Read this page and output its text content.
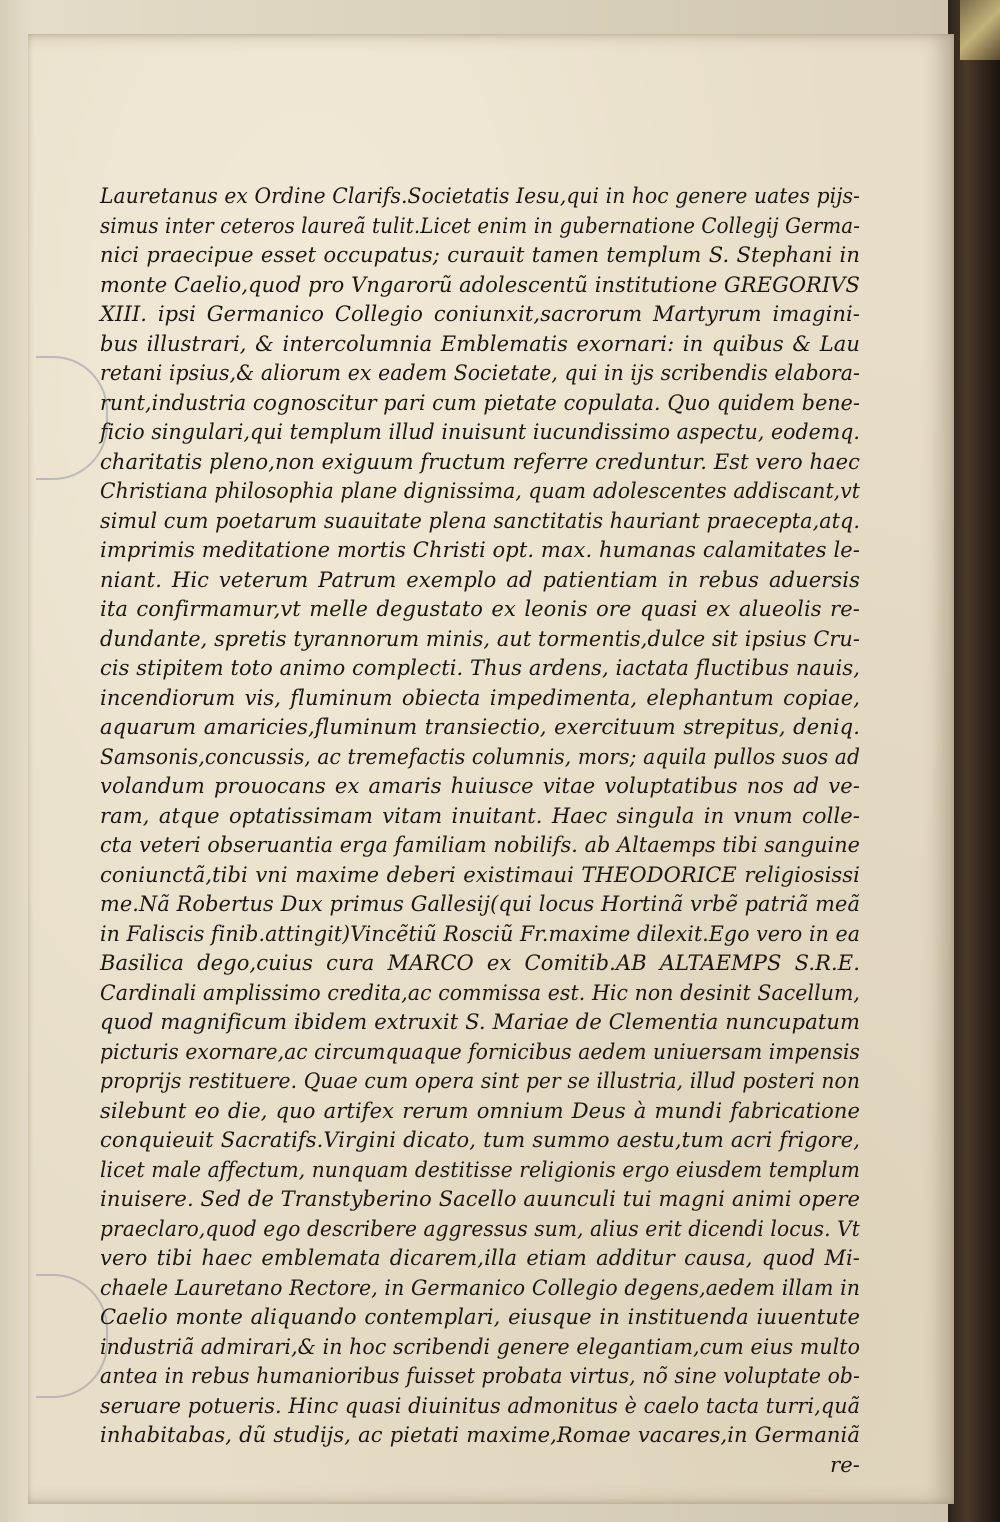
Lauretanus ex Ordine Clarifs.Societatis Iesu,qui in hoc genere uates pijs-
simus inter ceteros laureã tulit.Licet enim in gubernatione Collegij Germa-
nici praecipue esset occupatus; curauit tamen templum S. Stephani in
monte Caelio,quod pro Vngarorũ adolescentũ institutione GREGORIVS
XIII. ipsi Germanico Collegio coniunxit,sacrorum Martyrum imagini-
bus illustrari, & intercolumnia Emblematis exornari: in quibus & Lau
retani ipsius,& aliorum ex eadem Societate, qui in ijs scribendis elabora-
runt,industria cognoscitur pari cum pietate copulata. Quo quidem bene-
ficio singulari,qui templum illud inuisunt iucundissimo aspectu, eodemq.
charitatis pleno,non exiguum fructum referre creduntur. Est vero haec
Christiana philosophia plane dignissima, quam adolescentes addiscant,vt
simul cum poetarum suauitate plena sanctitatis hauriant praecepta,atq.
imprimis meditatione mortis Christi opt. max. humanas calamitates le-
niant. Hic veterum Patrum exemplo ad patientiam in rebus aduersis
ita confirmamur,vt melle degustato ex leonis ore quasi ex alueolis re-
dundante, spretis tyrannorum minis, aut tormentis,dulce sit ipsius Cru-
cis stipitem toto animo complecti. Thus ardens, iactata fluctibus nauis,
incendiorum vis, fluminum obiecta impedimenta, elephantum copiae,
aquarum amaricies,fluminum transiectio, exercituum strepitus, deniq.
Samsonis,concussis, ac tremefactis columnis, mors; aquila pullos suos ad
volandum prouocans ex amaris huiusce vitae voluptatibus nos ad ve-
ram, atque optatissimam vitam inuitant. Haec singula in vnum colle-
cta veteri obseruantia erga familiam nobilifs. ab Altaemps tibi sanguine
coniunctã,tibi vni maxime deberi existimaui THEODORICE religiosissi
me.Nã Robertus Dux primus Gallesij(qui locus Hortinã vrbẽ patriã meã
in Faliscis finib.attingit)Vincẽtiũ Rosciũ Fr.maxime dilexit.Ego vero in ea
Basilica dego,cuius cura MARCO ex Comitib.AB ALTAEMPS S.R.E.
Cardinali amplissimo credita,ac commissa est. Hic non desinit Sacellum,
quod magnificum ibidem extruxit S. Mariae de Clementia nuncupatum
picturis exornare,ac circumquaque fornicibus aedem uniuersam impensis
proprijs restituere. Quae cum opera sint per se illustria, illud posteri non
silebunt eo die, quo artifex rerum omnium Deus à mundi fabricatione
conquieuit Sacratifs.Virgini dicato, tum summo aestu,tum acri frigore,
licet male affectum, nunquam destitisse religionis ergo eiusdem templum
inuisere. Sed de Transtyberino Sacello auunculi tui magni animi opere
praeclaro,quod ego describere aggressus sum, alius erit dicendi locus. Vt
vero tibi haec emblemata dicarem,illa etiam additur causa, quod Mi-
chaele Lauretano Rectore, in Germanico Collegio degens,aedem illam in
Caelio monte aliquando contemplari, eiusque in instituenda iuuentute
industriã admirari,& in hoc scribendi genere elegantiam,cum eius multo
antea in rebus humanioribus fuisset probata virtus, nõ sine voluptate ob-
seruare potueris. Hinc quasi diuinitus admonitus è caelo tacta turri,quã
inhabitabas, dũ studijs, ac pietati maxime,Romae vacares,in Germaniã
re-
